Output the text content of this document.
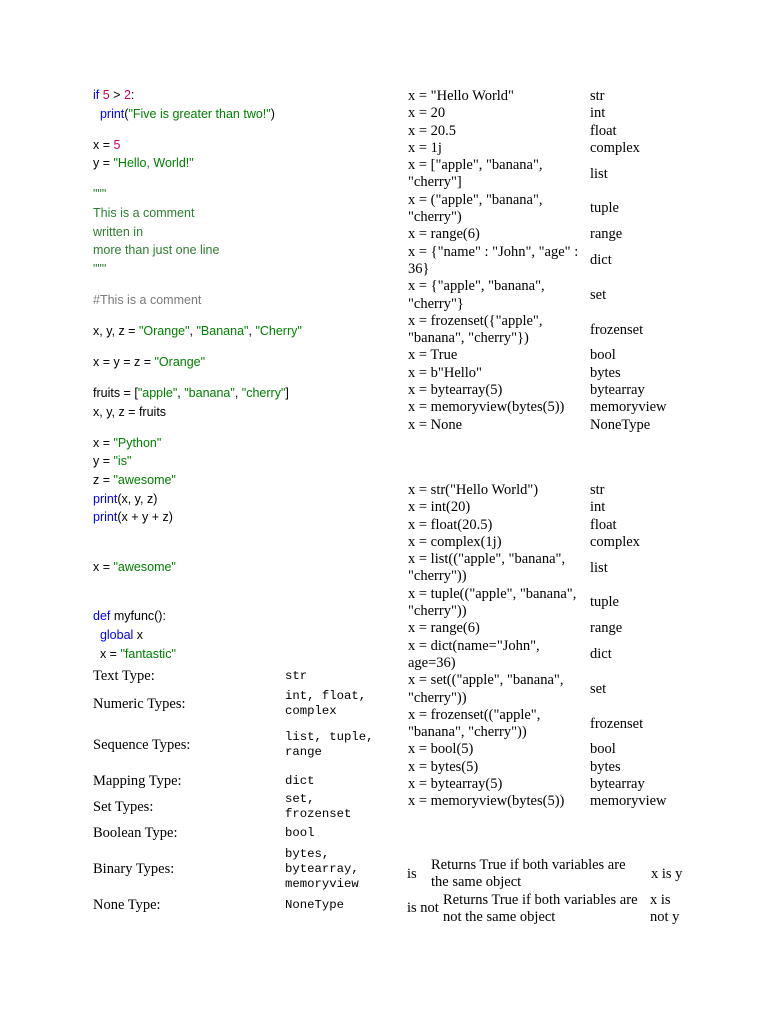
if 5 > 2:
print("Five is greater than two!")
x = 5
y = "Hello, World!"
"""
This is a comment
written in
more than just one line
"""
#This is a comment
x, y, z = "Orange", "Banana", "Cherry"
x = y = z = "Orange"
fruits = ["apple", "banana", "cherry"]
x, y, z = fruits
x = "Python"
y = "is"
z = "awesome"
print(x, y, z)
print(x + y + z)
x = "awesome"
def myfunc():
global x
x = "fantastic"
Text Type:	str
Numeric Types:	int, float, complex
Sequence Types:	list, tuple, range
Mapping Type:	dict
Set Types:	set, frozenset
Boolean Type:	bool
Binary Types:	bytes, bytearray, memoryview
None Type:	NoneType
x = "Hello World"	str
x = 20	int
x = 20.5	float
x = 1j	complex
x = ["apple", "banana", "cherry"]	list
x = ("apple", "banana", "cherry")	tuple
x = range(6)	range
x = {"name" : "John", "age" : 36}	dict
x = {"apple", "banana", "cherry"}	set
x = frozenset({"apple", "banana", "cherry"})	frozenset
x = True	bool
x = b"Hello"	bytes
x = bytearray(5)	bytearray
x = memoryview(bytes(5))	memoryview
x = None	NoneType
x = str("Hello World")	str
x = int(20)	int
x = float(20.5)	float
x = complex(1j)	complex
x = list(("apple", "banana", "cherry"))	list
x = tuple(("apple", "banana", "cherry"))	tuple
x = range(6)	range
x = dict(name="John", age=36)	dict
x = set(("apple", "banana", "cherry"))	set
x = frozenset(("apple", "banana", "cherry"))	frozenset
x = bool(5)	bool
x = bytes(5)	bytes
x = bytearray(5)	bytearray
x = memoryview(bytes(5))	memoryview
is	Returns True if both variables are the same object	x is y

is not	Returns True if both variables are not the same object	x is not y
